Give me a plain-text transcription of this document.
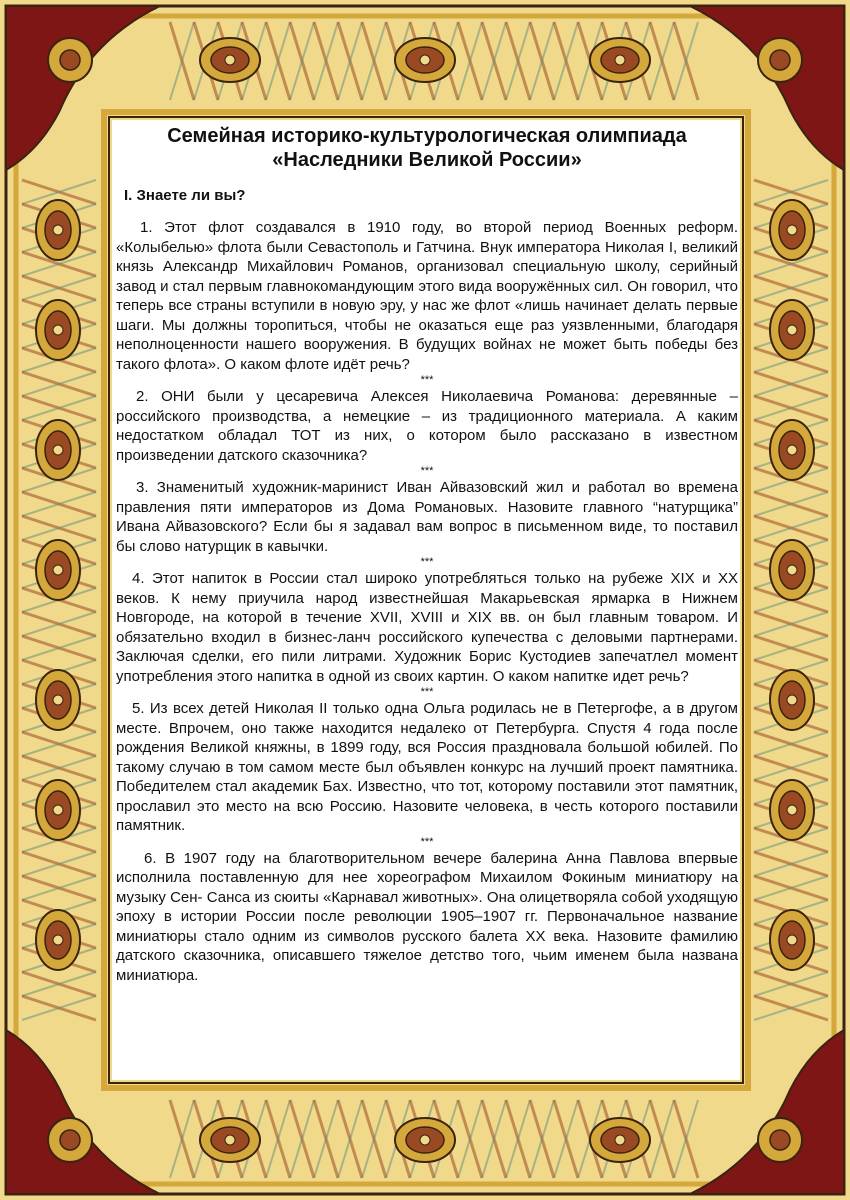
Семейная историко-культурологическая олимпиада

«Наследники Великой России»

I. Знаете ли вы?

1. Этот флот создавался в 1910 году, во второй период Военных реформ. «Колыбелью» флота были Севастополь и Гатчина. Внук императора Николая I, великий князь Александр Михайлович Романов, организовал специальную школу, серийный завод и стал первым главнокомандующим этого вида вооружённых сил. Он говорил, что теперь все страны вступили в новую эру, у нас же флот «лишь начинает делать первые шаги. Мы должны торопиться, чтобы не оказаться еще раз уязвленными, благодаря неполноценности нашего вооружения. В будущих войнах не может быть победы без такого флота». О каком флоте идёт речь?

***

2. ОНИ были у цесаревича Алексея Николаевича Романова: деревянные – российского производства, а немецкие – из традиционного материала. А каким недостатком обладал ТОТ из них, о котором было рассказано в известном произведении датского сказочника?

***

3. Знаменитый художник-маринист Иван Айвазовский жил и работал во времена правления пяти императоров из Дома Романовых. Назовите главного “натурщика” Ивана Айвазовского? Если бы я задавал вам вопрос в письменном виде, то поставил бы слово натурщик в кавычки.

***

4. Этот напиток в России стал широко употребляться только на рубеже XIX и XX веков. К нему приучила народ известнейшая Макарьевская ярмарка в Нижнем Новгороде, на которой в течение XVII, XVIII и XIX вв. он был главным товаром. И обязательно входил в бизнес-ланч российского купечества с деловыми партнерами. Заключая сделки, его пили литрами. Художник Борис Кустодиев запечатлел момент употребления этого напитка в одной из своих картин. О каком напитке идет речь?

***

5. Из всех детей Николая II только одна Ольга родилась не в Петергофе, а в другом месте. Впрочем, оно также находится недалеко от Петербурга. Спустя 4 года после рождения Великой княжны, в 1899 году, вся Россия праздновала большой юбилей. По такому случаю в том самом месте был объявлен конкурс на лучший проект памятника. Победителем стал академик Бах. Известно, что тот, которому поставили этот памятник, прославил это место на всю Россию. Назовите человека, в честь которого поставили памятник.

***

6. В 1907 году на благотворительном вечере балерина Анна Павлова впервые исполнила поставленную для нее хореографом Михаилом Фокиным миниатюру на музыку Сен- Санса из сюиты «Карнавал животных». Она олицетворяла собой уходящую эпоху в истории России после революции 1905–1907 гг. Первоначальное название миниатюры стало одним из символов русского балета XX века. Назовите фамилию датского сказочника, описавшего тяжелое детство того, чьим именем была названа миниатюра.
